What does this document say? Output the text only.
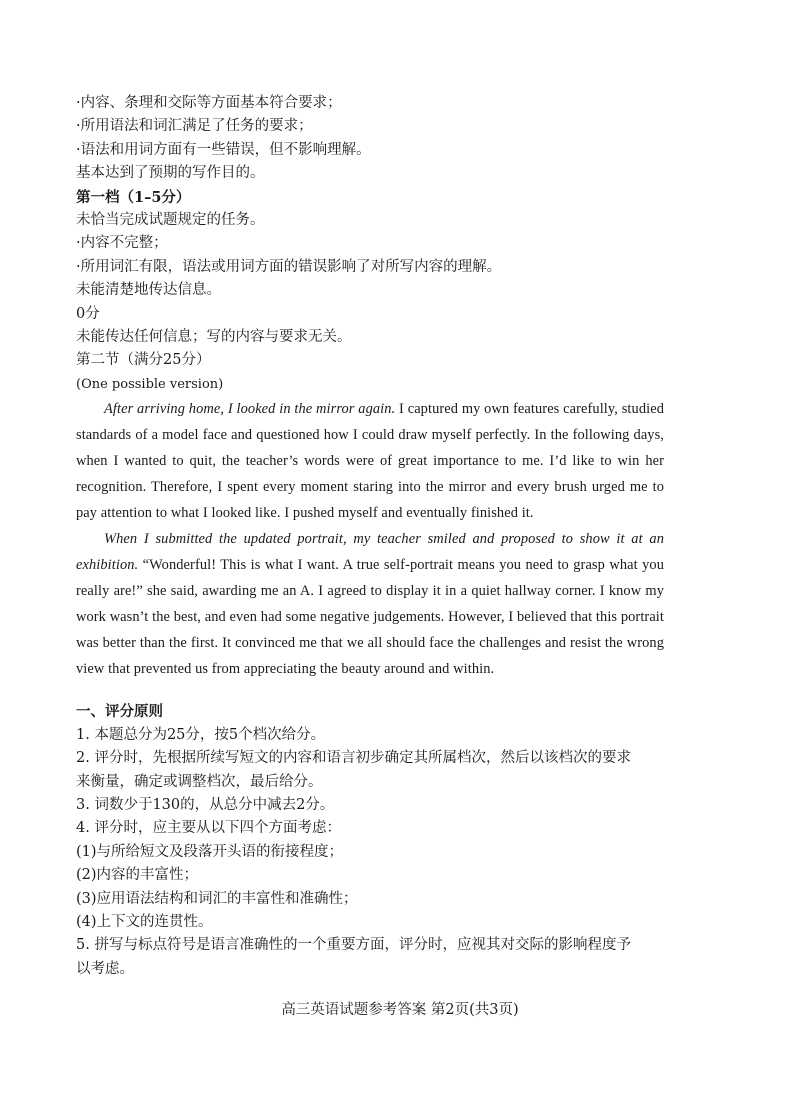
·内容、条理和交际等方面基本符合要求；

·所用语法和词汇满足了任务的要求；

·语法和用词方面有一些错误，但不影响理解。

基本达到了预期的写作目的。

第一档（1–5分）

未恰当完成试题规定的任务。

·内容不完整；

·所用词汇有限，语法或用词方面的错误影响了对所写内容的理解。

未能清楚地传达信息。

0分

未能传达任何信息；写的内容与要求无关。

第二节（满分25分）

(One possible version)

After arriving home, I looked in the mirror again. I captured my own features carefully, studied standards of a model face and questioned how I could draw myself perfectly. In the following days, when I wanted to quit, the teacher’s words were of great importance to me. I’d like to win her recognition. Therefore, I spent every moment staring into the mirror and every brush urged me to pay attention to what I looked like. I pushed myself and eventually finished it.

When I submitted the updated portrait, my teacher smiled and proposed to show it at an exhibition. “Wonderful! This is what I want. A true self-portrait means you need to grasp what you really are!” she said, awarding me an A. I agreed to display it in a quiet hallway corner. I know my work wasn’t the best, and even had some negative judgements. However, I believed that this portrait was better than the first. It convinced me that we all should face the challenges and resist the wrong view that prevented us from appreciating the beauty around and within.

一、评分原则

1. 本题总分为25分，按5个档次给分。

2. 评分时，先根据所续写短文的内容和语言初步确定其所属档次，然后以该档次的要求

来衡量，确定或调整档次，最后给分。

3. 词数少于130的，从总分中减去2分。

4. 评分时，应主要从以下四个方面考虑：

(1)与所给短文及段落开头语的衔接程度；

(2)内容的丰富性；

(3)应用语法结构和词汇的丰富性和准确性；

(4)上下文的连贯性。

5. 拼写与标点符号是语言准确性的一个重要方面，评分时，应视其对交际的影响程度予

以考虑。

高三英语试题参考答案 第2页(共3页)
